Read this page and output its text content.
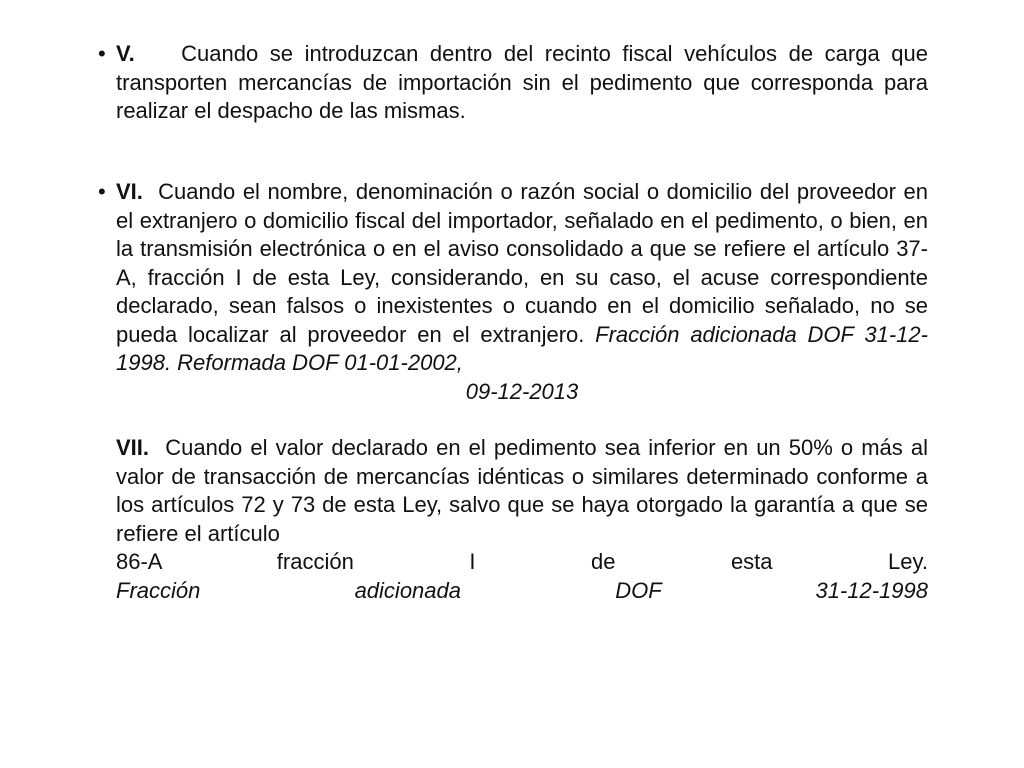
• V. Cuando se introduzcan dentro del recinto fiscal vehículos de carga que transporten mercancías de importación sin el pedimento que corresponda para realizar el despacho de las mismas.
• VI. Cuando el nombre, denominación o razón social o domicilio del proveedor en el extranjero o domicilio fiscal del importador, señalado en el pedimento, o bien, en la transmisión electrónica o en el aviso consolidado a que se refiere el artículo 37-A, fracción I de esta Ley, considerando, en su caso, el acuse correspondiente declarado, sean falsos o inexistentes o cuando en el domicilio señalado, no se pueda localizar al proveedor en el extranjero. Fracción adicionada DOF 31-12-1998. Reformada DOF 01-01-2002,
09-12-2013
VII. Cuando el valor declarado en el pedimento sea inferior en un 50% o más al valor de transacción de mercancías idénticas o similares determinado conforme a los artículos 72 y 73 de esta Ley, salvo que se haya otorgado la garantía a que se refiere el artículo
86-A fracción I de esta Ley.
Fracción adicionada DOF 31-12-1998
